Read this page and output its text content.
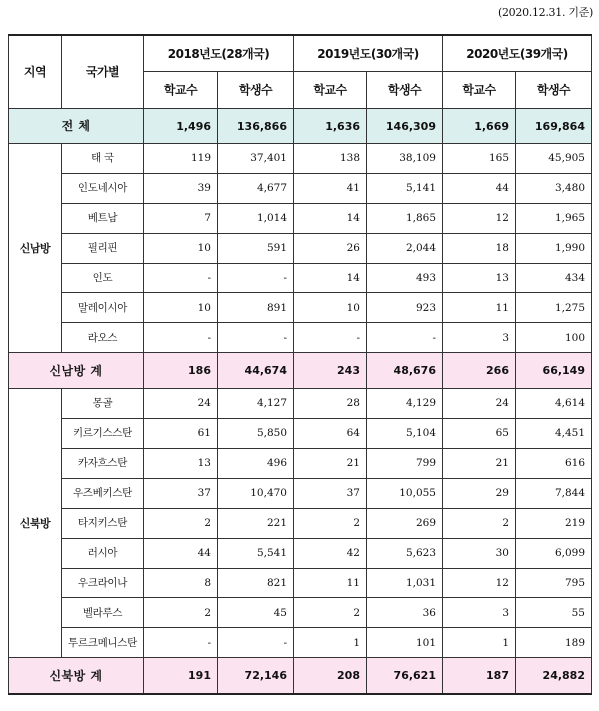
(2020.12.31. 기준)
지역	국가별	2018년도(28개국)		2019년도(30개국)		2020년도(39개국)	
		학교수	학생수	학교수	학생수	학교수	학생수
전 체		1,496	136,866	1,636	146,309	1,669	169,864
신남방	태 국	119	37,401	138	38,109	165	45,905
	인도네시아	39	4,677	41	5,141	44	3,480
	베트남	7	1,014	14	1,865	12	1,965
	필리핀	10	591	26	2,044	18	1,990
	인도	-	-	14	493	13	434
	말레이시아	10	891	10	923	11	1,275
	라오스	-	-	-	-	3	100
신남방 계		186	44,674	243	48,676	266	66,149
신북방	몽골	24	4,127	28	4,129	24	4,614
	키르기스스탄	61	5,850	64	5,104	65	4,451
	카자흐스탄	13	496	21	799	21	616
	우즈베키스탄	37	10,470	37	10,055	29	7,844
	타지키스탄	2	221	2	269	2	219
	러시아	44	5,541	42	5,623	30	6,099
	우크라이나	8	821	11	1,031	12	795
	벨라루스	2	45	2	36	3	55
	투르크메니스탄	-	-	1	101	1	189
신북방 계		191	72,146	208	76,621	187	24,882
